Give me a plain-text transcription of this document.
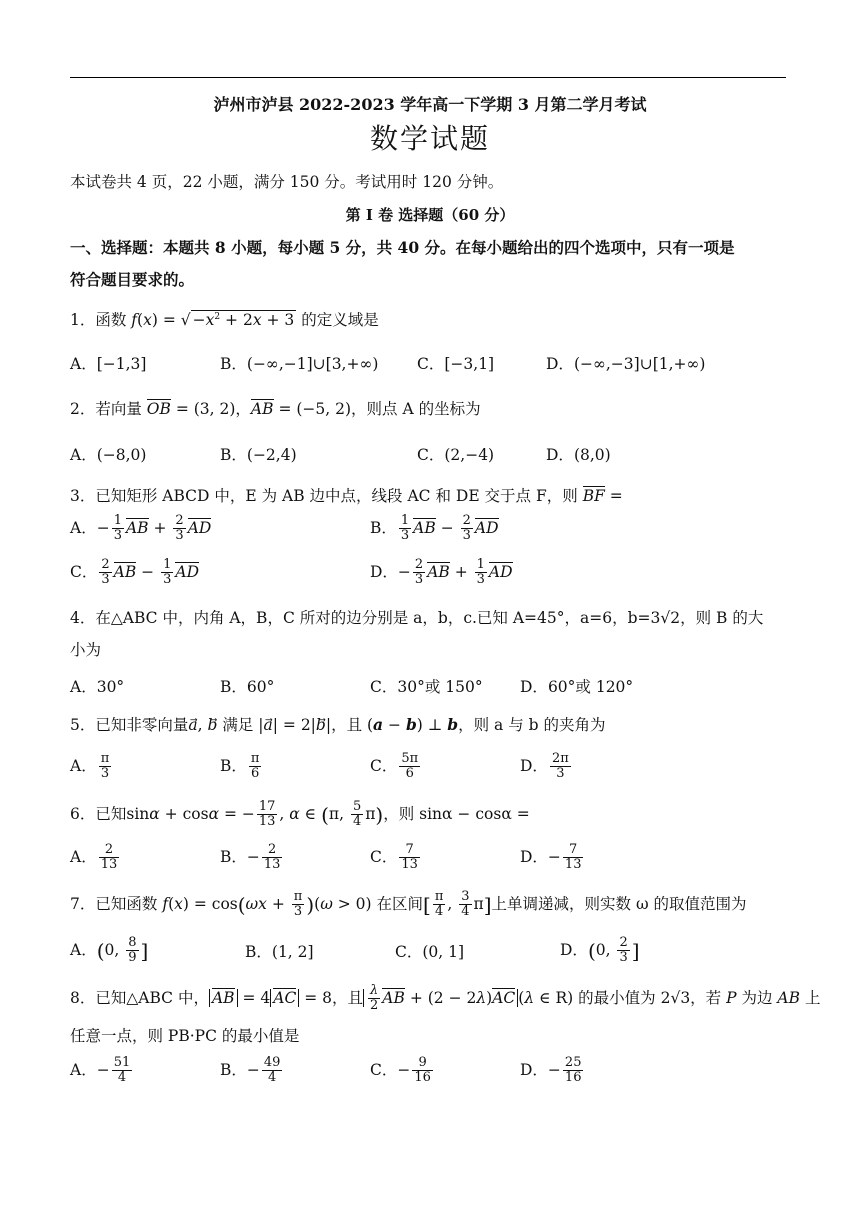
泸州市泸县 2022-2023 学年高一下学期 3 月第二学月考试
数学试题
本试卷共 4 页，22 小题，满分 150 分。考试用时 120 分钟。
第 I 卷 选择题（60 分）
一、选择题：本题共 8 小题，每小题 5 分，共 40 分。在每小题给出的四个选项中，只有一项是
符合题目要求的。
1．函数 f(x) = √ $-x^2 + 2x + 3$ 的定义域是
A．[−1,3]	B．(−∞,−1]∪[3,+∞) C．[−3,1]	D．(−∞,−3]∪[1,+∞)
2．若向量 OB = (3, 2)，AB = (−5, 2)，则点 A 的坐标为
A．(−8,0)	B．(−2,4)	C．(2,−4)	D．(8,0)
3．已知矩形 ABCD 中，E 为 AB 边中点，线段 AC 和 DE 交于点 F，则 BF =
A．− $\frac{1}{3}$ AB + $\frac{2}{3}$ AD	B． $\frac{1}{3}$ AB − $\frac{2}{3}$ AD
C． $\frac{2}{3}$ AB − $\frac{1}{3}$ AD	D．− $\frac{2}{3}$ AB + $\frac{1}{3}$ AD
4．在△ABC 中，内角 A，B，C 所对的边分别是 a，b，c.已知 A=45°，a=6，b=3√2，则 B 的大
小为
A．30°	B．60°	C．30°或 150° D．60°或 120°
5．已知非零向量a⃗, b⃗ 满足 |a⃗| = 2|b⃗|，且 (a − b) ⊥ b，则 a 与 b 的夹角为
A． $\frac{\pi}{3}$	B． $\frac{\pi}{6}$	C． $\frac{5\pi}{6}$	D． $\frac{2\pi}{3}$
6．已知sinα + cosα = − $\frac{17}{13}$ , α ∈ (π, $\frac{5}{4} \pi$)，则 sinα − cosα =
A． $\frac{2}{13}$	B．− $\frac{2}{13}$	C． $\frac{7}{13}$	D．− $\frac{7}{13}$
7．已知函数 $f(x) = \cos(\omega x + \frac{\pi}{3} )(\omega > 0)$ 在区间[ $\frac{\pi}{4}$ , $\frac{3}{4} \pi$]上单调递减，则实数 ω 的取值范围为
A．(0, $\frac{8}{9}$ ]	B．(1, 2]	C．(0, 1]	D．(0, $\frac{2}{3}$ ]
8．已知△ABC 中， AB = 4 AC = 8，且 $\frac{\lambda}{2}$ AB + (2 − 2λ)AC (λ ∈ R) 的最小值为 2√3，若 P 为边 AB 上
任意一点，则 PB·PC 的最小值是
A．− $\frac{51}{4}$	B．− $\frac{49}{4}$	C．− $\frac{9}{16}$	D．− $\frac{25}{16}$
